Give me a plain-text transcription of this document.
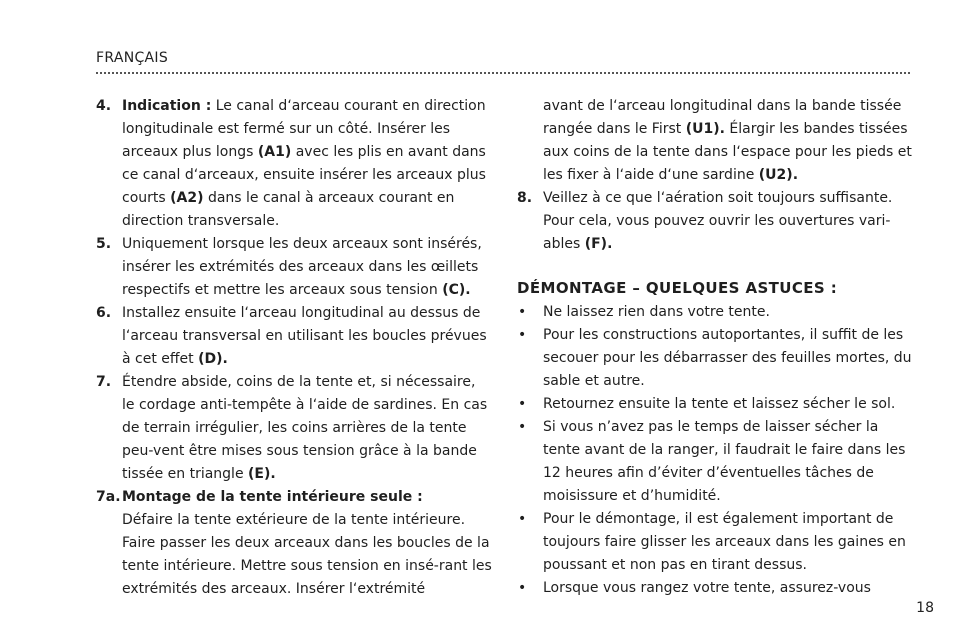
FRANÇAIS
4. Indication : Le canal d‘arceau courant en direction longitudinale est fermé sur un côté. Insérer les arceaux plus longs (A1) avec les plis en avant dans ce canal d‘arceaux, ensuite insérer les arceaux plus courts (A2) dans le canal à arceaux courant en direction transversale.
5. Uniquement lorsque les deux arceaux sont insérés, insérer les extrémités des arceaux dans les œillets respectifs et mettre les arceaux sous tension (C).
6. Installez ensuite l‘arceau longitudinal au dessus de l‘arceau transversal en utilisant les boucles prévues à cet effet (D).
7. Étendre abside, coins de la tente et, si nécessaire, le cordage anti-tempête à l‘aide de sardines. En cas de terrain irrégulier, les coins arrières de la tente peu-vent être mises sous tension grâce à la bande tissée en triangle (E).
7a. Montage de la tente intérieure seule :
Défaire la tente extérieure de la tente intérieure. Faire passer les deux arceaux dans les boucles de la tente intérieure. Mettre sous tension en insé-rant les extrémités des arceaux. Insérer l‘extrémité
avant de l‘arceau longitudinal dans la bande tissée rangée dans le First (U1). Élargir les bandes tissées aux coins de la tente dans l‘espace pour les pieds et les fixer à l‘aide d‘une sardine (U2).
8. Veillez à ce que l‘aération soit toujours suffisante. Pour cela, vous pouvez ouvrir les ouvertures vari-ables (F).
DÉMONTAGE – QUELQUES ASTUCES :
• Ne laissez rien dans votre tente.
• Pour les constructions autoportantes, il suffit de les secouer pour les débarrasser des feuilles mortes, du sable et autre.
• Retournez ensuite la tente et laissez sécher le sol.
• Si vous n’avez pas le temps de laisser sécher la tente avant de la ranger, il faudrait le faire dans les 12 heures afin d’éviter d’éventuelles tâches de moisissure et d’humidité.
• Pour le démontage, il est également important de toujours faire glisser les arceaux dans les gaines en poussant et non pas en tirant dessus.
• Lorsque vous rangez votre tente, assurez-vous
18
